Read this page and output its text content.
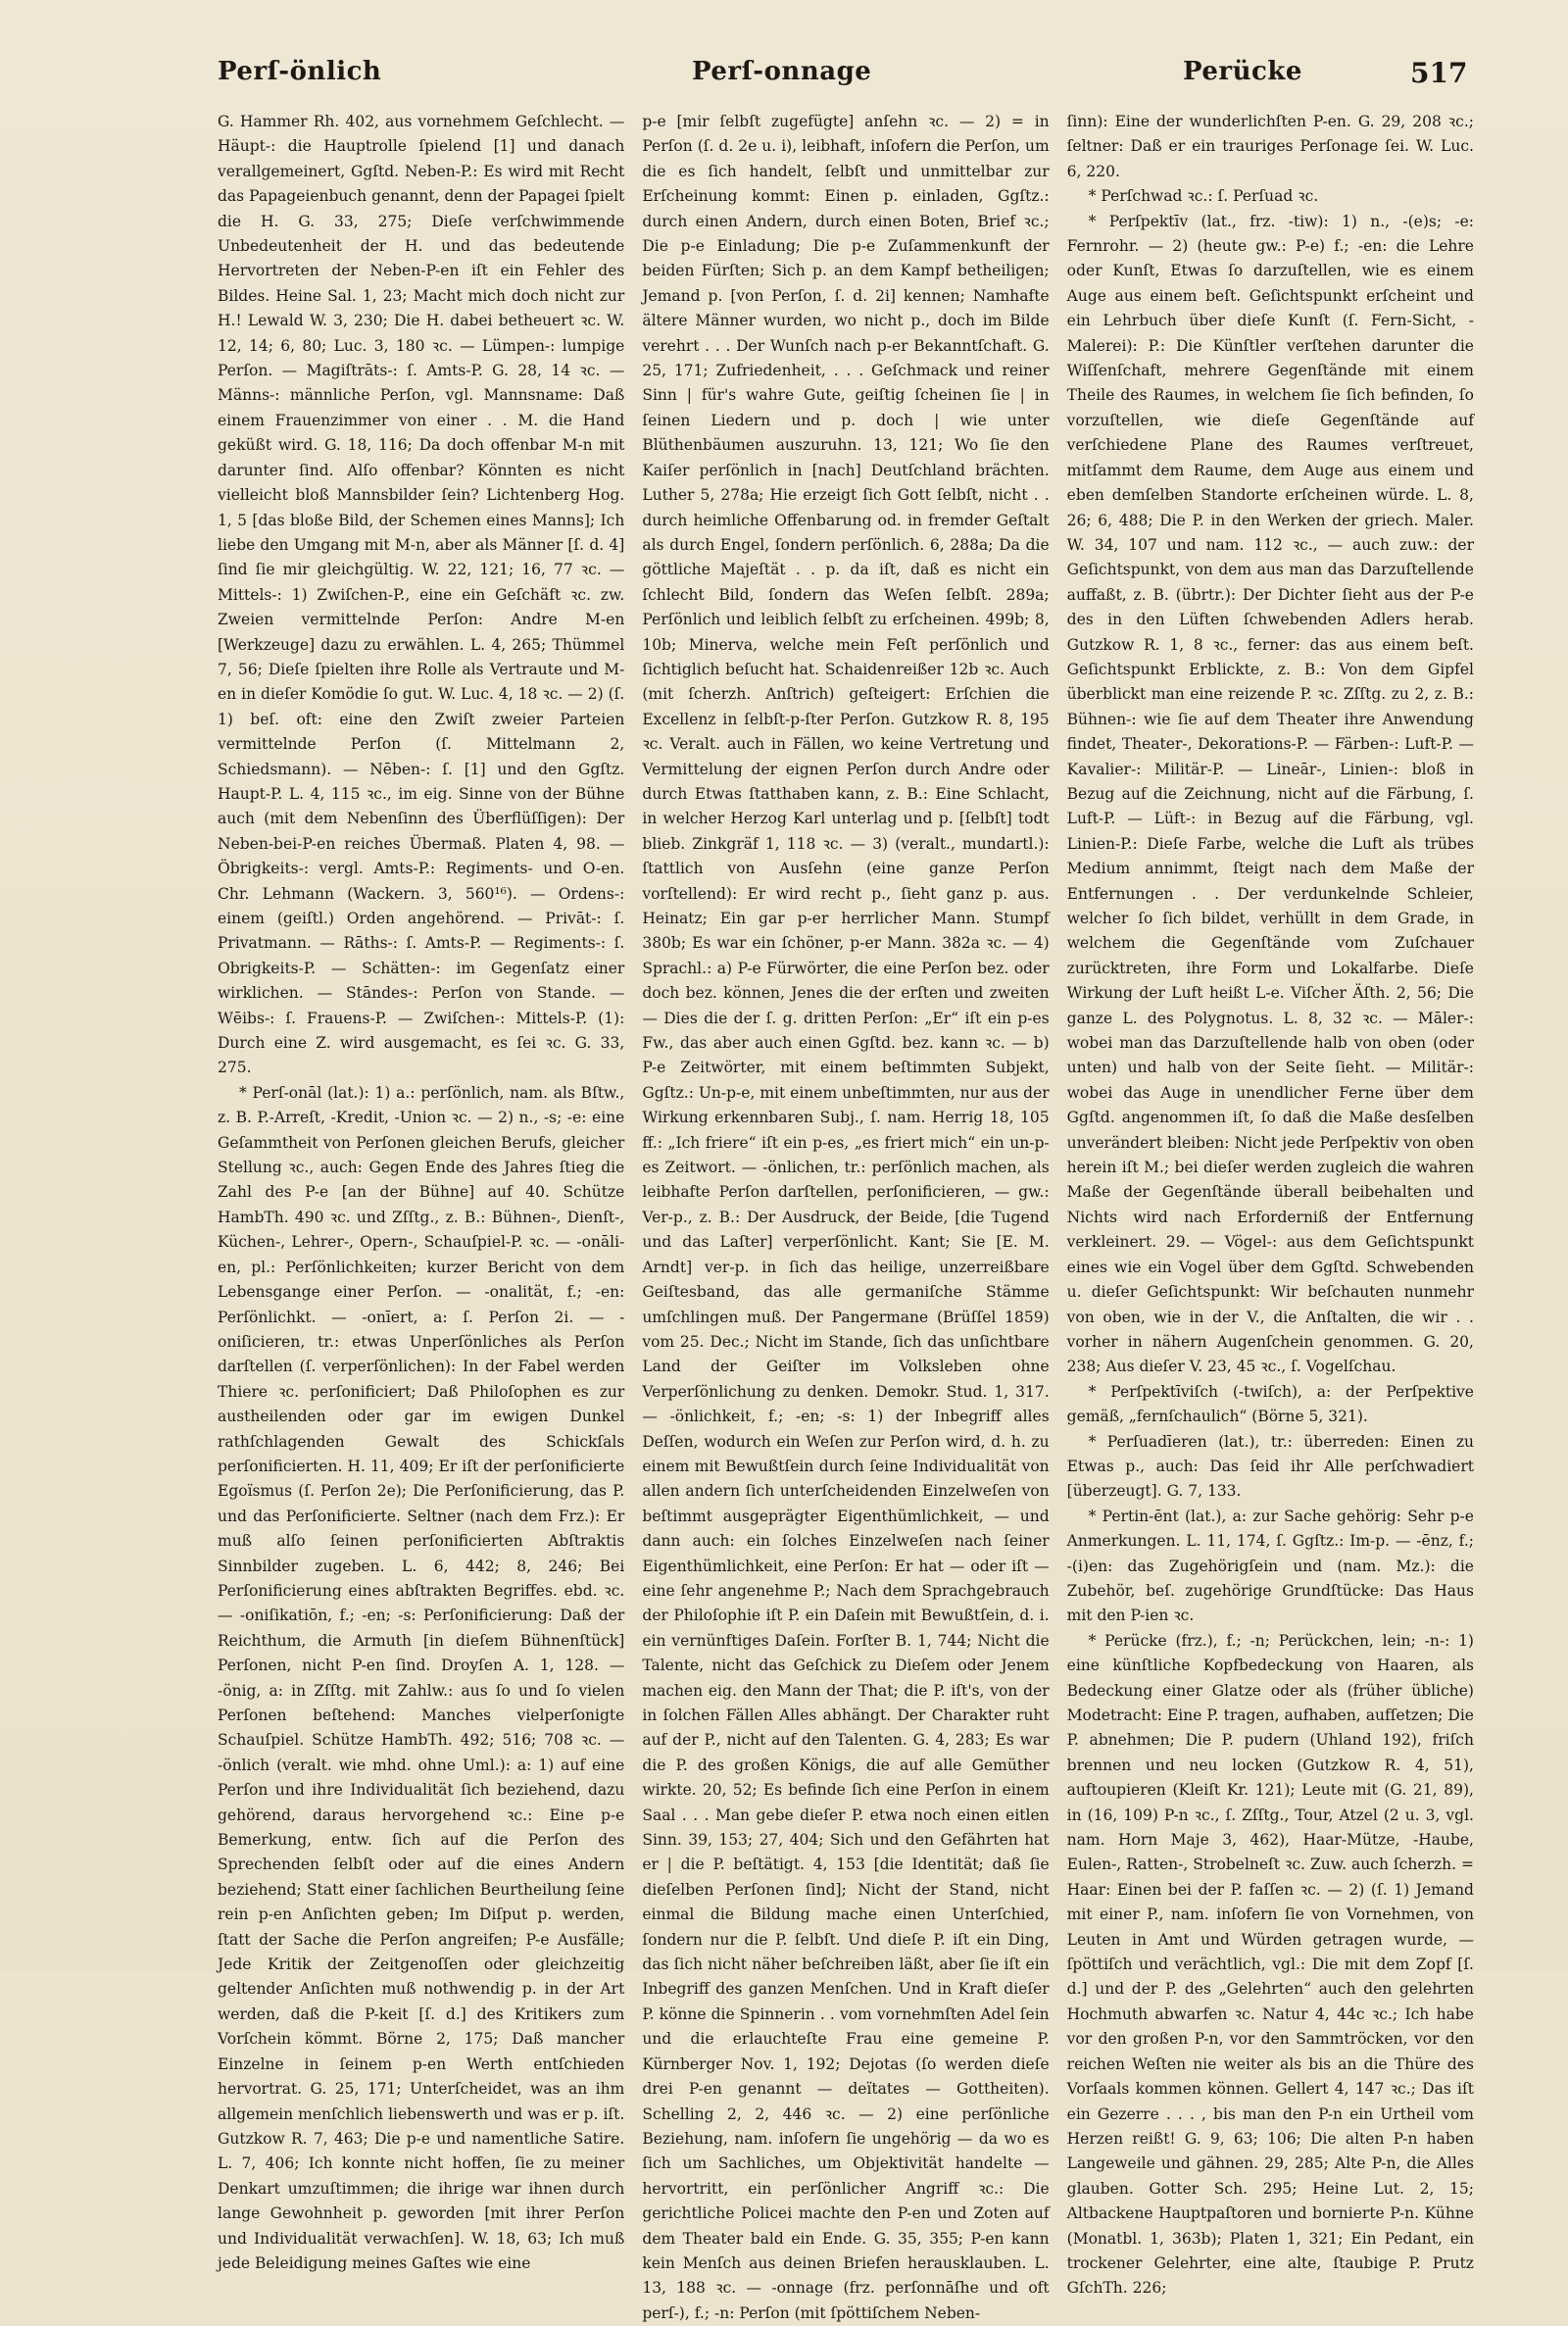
Perſ-önlich	Perſ-onnage	Perücke	517

G. Hammer Rh. 402, aus vornehmem Geſchlecht. — Häupt-: die Hauptrolle ſpielend [1] und danach verallgemeinert, Ggſtd. Neben-P.: Es wird mit Recht das Papageienbuch genannt, denn der Papagei ſpielt die H. G. 33, 275; Dieſe verſchwimmende Unbedeutenheit der H. und das bedeutende Hervortreten der Neben-P-en iſt ein Fehler des Bildes. Heine Sal. 1, 23; Macht mich doch nicht zur H.! Lewald W. 3, 230; Die H. dabei betheuert ꝛc. W. 12, 14; 6, 80; Luc. 3, 180 ꝛc. — Lümpen-: lumpige Perſon. — Magiſtrāts-: ſ. Amts-P. G. 28, 14 ꝛc. — Männs-: männliche Perſon, vgl. Mannsname: Daß einem Frauenzimmer von einer . . M. die Hand geküßt wird. G. 18, 116; Da doch offenbar M-n mit darunter ſind. Alſo offenbar? Könnten es nicht vielleicht bloß Mannsbilder ſein? Lichtenberg Hog. 1, 5 [das bloße Bild, der Schemen eines Manns]; Ich liebe den Umgang mit M-n, aber als Männer [ſ. d. 4] ſind ſie mir gleichgültig. W. 22, 121; 16, 77 ꝛc. — Mittels-: 1) Zwiſchen-P., eine ein Geſchäft ꝛc. zw. Zweien vermittelnde Perſon: Andre M-en [Werkzeuge] dazu zu erwählen. L. 4, 265; Thümmel 7, 56; Dieſe ſpielten ihre Rolle als Vertraute und M-en in dieſer Komödie ſo gut. W. Luc. 4, 18 ꝛc. — 2) (ſ. 1) beſ. oft: eine den Zwiſt zweier Parteien vermittelnde Perſon (ſ. Mittelmann 2, Schiedsmann). — Nēben-: ſ. [1] und den Ggſtz. Haupt-P. L. 4, 115 ꝛc., im eig. Sinne von der Bühne auch (mit dem Nebenſinn des Überflüſſigen): Der Neben-bei-P-en reiches Übermaß. Platen 4, 98. — Öbrigkeits-: vergl. Amts-P.: Regiments- und O-en. Chr. Lehmann (Wackern. 3, 560¹⁶). — Ordens-: einem (geiſtl.) Orden angehörend. — Privāt-: ſ. Privatmann. — Rāths-: ſ. Amts-P. — Regiments-: ſ. Obrigkeits-P. — Schätten-: im Gegenſatz einer wirklichen. — Stāndes-: Perſon von Stande. — Wēibs-: ſ. Frauens-P. — Zwiſchen-: Mittels-P. (1): Durch eine Z. wird ausgemacht, es ſei ꝛc. G. 33, 275.

* Perſ-onāl (lat.): 1) a.: perſönlich, nam. als Bſtw., z. B. P.-Arreſt, -Kredit, -Union ꝛc. — 2) n., -s; -e: eine Geſammtheit von Perſonen gleichen Berufs, gleicher Stellung ꝛc., auch: Gegen Ende des Jahres ſtieg die Zahl des P-e [an der Bühne] auf 40. Schütze HambTh. 490 ꝛc. und Zſſtg., z. B.: Bühnen-, Dienſt-, Küchen-, Lehrer-, Opern-, Schauſpiel-P. ꝛc. — -onāli-en, pl.: Perſönlichkeiten; kurzer Bericht von dem Lebensgange einer Perſon. — -onalität, f.; -en: Perſönlichkt. — -onīert, a: ſ. Perſon 2i. — -oniſicieren, tr.: etwas Unperſönliches als Perſon darſtellen (ſ. verperſönlichen): In der Fabel werden Thiere ꝛc. perſonificiert; Daß Philoſophen es zur austheilenden oder gar im ewigen Dunkel rathſchlagenden Gewalt des Schickſals perſonificierten. H. 11, 409; Er iſt der perſonificierte Egoïsmus (ſ. Perſon 2e); Die Perſonificierung, das P. und das Perſonificierte. Seltner (nach dem Frz.): Er muß alſo ſeinen perſonificierten Abſtraktis Sinnbilder zugeben. L. 6, 442; 8, 246; Bei Perſonificierung eines abſtrakten Begriffes. ebd. ꝛc. — -oniſikatiōn, f.; -en; -s: Perſonificierung: Daß der Reichthum, die Armuth [in dieſem Bühnenſtück] Perſonen, nicht P-en ſind. Droyſen A. 1, 128. — -önig, a: in Zſſtg. mit Zahlw.: aus ſo und ſo vielen Perſonen beſtehend: Manches vielperſonigte Schauſpiel. Schütze HambTh. 492; 516; 708 ꝛc. — -önlich (veralt. wie mhd. ohne Uml.): a: 1) auf eine Perſon und ihre Individualität ſich beziehend, dazu gehörend, daraus hervorgehend ꝛc.: Eine p-e Bemerkung, entw. ſich auf die Perſon des Sprechenden ſelbſt oder auf die eines Andern beziehend; Statt einer ſachlichen Beurtheilung ſeine rein p-en Anſichten geben; Im Diſput p. werden, ſtatt der Sache die Perſon angreifen; P-e Ausfälle; Jede Kritik der Zeitgenoſſen oder gleichzeitig geltender Anſichten muß nothwendig p. in der Art werden, daß die P-keit [ſ. d.] des Kritikers zum Vorſchein kömmt. Börne 2, 175; Daß mancher Einzelne in ſeinem p-en Werth entſchieden hervortrat. G. 25, 171; Unterſcheidet, was an ihm allgemein menſchlich liebenswerth und was er p. iſt. Gutzkow R. 7, 463; Die p-e und namentliche Satire. L. 7, 406; Ich konnte nicht hoffen, ſie zu meiner Denkart umzuſtimmen; die ihrige war ihnen durch lange Gewohnheit p. geworden [mit ihrer Perſon und Individualität verwachſen]. W. 18, 63; Ich muß jede Beleidigung meines Gaſtes wie eine

p-e [mir ſelbſt zugefügte] anſehn ꝛc. — 2) = in Perſon (ſ. d. 2e u. i), leibhaft, inſofern die Perſon, um die es ſich handelt, ſelbſt und unmittelbar zur Erſcheinung kommt: Einen p. einladen, Ggſtz.: durch einen Andern, durch einen Boten, Brief ꝛc.; Die p-e Einladung; Die p-e Zuſammenkunft der beiden Fürſten; Sich p. an dem Kampf betheiligen; Jemand p. [von Perſon, ſ. d. 2i] kennen; Namhafte ältere Männer wurden, wo nicht p., doch im Bilde verehrt . . . Der Wunſch nach p-er Bekanntſchaft. G. 25, 171; Zufriedenheit, . . . Geſchmack und reiner Sinn | für's wahre Gute, geiſtig ſcheinen ſie | in ſeinen Liedern und p. doch | wie unter Blüthenbäumen auszuruhn. 13, 121; Wo ſie den Kaiſer perſönlich in [nach] Deutſchland brächten. Luther 5, 278a; Hie erzeigt ſich Gott ſelbſt, nicht . . durch heimliche Offenbarung od. in fremder Geſtalt als durch Engel, ſondern perſönlich. 6, 288a; Da die göttliche Majeſtät . . p. da iſt, daß es nicht ein ſchlecht Bild, ſondern das Weſen ſelbſt. 289a; Perſönlich und leiblich ſelbſt zu erſcheinen. 499b; 8, 10b; Minerva, welche mein Feſt perſönlich und ſichtiglich beſucht hat. Schaidenreißer 12b ꝛc. Auch (mit ſcherzh. Anſtrich) geſteigert: Erſchien die Excellenz in ſelbſt-p-ſter Perſon. Gutzkow R. 8, 195 ꝛc. Veralt. auch in Fällen, wo keine Vertretung und Vermittelung der eignen Perſon durch Andre oder durch Etwas ſtatthaben kann, z. B.: Eine Schlacht, in welcher Herzog Karl unterlag und p. [ſelbſt] todt blieb. Zinkgräf 1, 118 ꝛc. — 3) (veralt., mundartl.): ſtattlich von Ausſehn (eine ganze Perſon vorſtellend): Er wird recht p., ſieht ganz p. aus. Heinatz; Ein gar p-er herrlicher Mann. Stumpf 380b; Es war ein ſchöner, p-er Mann. 382a ꝛc. — 4) Sprachl.: a) P-e Fürwörter, die eine Perſon bez. oder doch bez. können, Jenes die der erſten und zweiten — Dies die der ſ. g. dritten Perſon: „Er“ iſt ein p-es Fw., das aber auch einen Ggſtd. bez. kann ꝛc. — b) P-e Zeitwörter, mit einem beſtimmten Subjekt, Ggſtz.: Un-p-e, mit einem unbeſtimmten, nur aus der Wirkung erkennbaren Subj., ſ. nam. Herrig 18, 105 ff.: „Ich friere“ iſt ein p-es, „es friert mich“ ein un-p-es Zeitwort. — -önlichen, tr.: perſönlich machen, als leibhafte Perſon darſtellen, perſonificieren, — gw.: Ver-p., z. B.: Der Ausdruck, der Beide, [die Tugend und das Laſter] verperſönlicht. Kant; Sie [E. M. Arndt] ver-p. in ſich das heilige, unzerreißbare Geiſtesband, das alle germaniſche Stämme umſchlingen muß. Der Pangermane (Brüſſel 1859) vom 25. Dec.; Nicht im Stande, ſich das unſichtbare Land der Geiſter im Volksleben ohne Verperſönlichung zu denken. Demokr. Stud. 1, 317. — -önlichkeit, f.; -en; -s: 1) der Inbegriff alles Deſſen, wodurch ein Weſen zur Perſon wird, d. h. zu einem mit Bewußtſein durch ſeine Individualität von allen andern ſich unterſcheidenden Einzelweſen von beſtimmt ausgeprägter Eigenthümlichkeit, — und dann auch: ein ſolches Einzelweſen nach ſeiner Eigenthümlichkeit, eine Perſon: Er hat — oder iſt — eine ſehr angenehme P.; Nach dem Sprachgebrauch der Philoſophie iſt P. ein Daſein mit Bewußtſein, d. i. ein vernünftiges Daſein. Forſter B. 1, 744; Nicht die Talente, nicht das Geſchick zu Dieſem oder Jenem machen eig. den Mann der That; die P. iſt's, von der in ſolchen Fällen Alles abhängt. Der Charakter ruht auf der P., nicht auf den Talenten. G. 4, 283; Es war die P. des großen Königs, die auf alle Gemüther wirkte. 20, 52; Es befinde ſich eine Perſon in einem Saal . . . Man gebe dieſer P. etwa noch einen eitlen Sinn. 39, 153; 27, 404; Sich und den Gefährten hat er | die P. beſtätigt. 4, 153 [die Identität; daß ſie dieſelben Perſonen ſind]; Nicht der Stand, nicht einmal die Bildung mache einen Unterſchied, ſondern nur die P. ſelbſt. Und dieſe P. iſt ein Ding, das ſich nicht näher beſchreiben läßt, aber ſie iſt ein Inbegriff des ganzen Menſchen. Und in Kraft dieſer P. könne die Spinnerin . . vom vornehmſten Adel ſein und die erlauchteſte Frau eine gemeine P. Kürnberger Nov. 1, 192; Dejotas (ſo werden dieſe drei P-en genannt — deïtates — Gottheiten). Schelling 2, 2, 446 ꝛc. — 2) eine perſönliche Beziehung, nam. inſofern ſie ungehörig — da wo es ſich um Sachliches, um Objektivität handelte — hervortritt, ein perſönlicher Angriff ꝛc.: Die gerichtliche Policei machte den P-en und Zoten auf dem Theater bald ein Ende. G. 35, 355; P-en kann kein Menſch aus deinen Briefen herausklauben. L. 13, 188 ꝛc. — -onnage (frz. perſonnāſhe und oft perſ-), f.; -n: Perſon (mit ſpöttiſchem Neben-

ſinn): Eine der wunderlichſten P-en. G. 29, 208 ꝛc.; ſeltner: Daß er ein trauriges Perſonage ſei. W. Luc. 6, 220.

* Perſchwad ꝛc.: ſ. Perſuad ꝛc.

* Perſpektīv (lat., frz. -tiw): 1) n., -(e)s; -e: Fernrohr. — 2) (heute gw.: P-e) f.; -en: die Lehre oder Kunſt, Etwas ſo darzuſtellen, wie es einem Auge aus einem beſt. Geſichtspunkt erſcheint und ein Lehrbuch über dieſe Kunſt (ſ. Fern-Sicht, -Malerei): P.: Die Künſtler verſtehen darunter die Wiſſenſchaft, mehrere Gegenſtände mit einem Theile des Raumes, in welchem ſie ſich befinden, ſo vorzuſtellen, wie dieſe Gegenſtände auf verſchiedene Plane des Raumes verſtreuet, mitſammt dem Raume, dem Auge aus einem und eben demſelben Standorte erſcheinen würde. L. 8, 26; 6, 488; Die P. in den Werken der griech. Maler. W. 34, 107 und nam. 112 ꝛc., — auch zuw.: der Geſichtspunkt, von dem aus man das Darzuſtellende auffaßt, z. B. (übrtr.): Der Dichter ſieht aus der P-e des in den Lüften ſchwebenden Adlers herab. Gutzkow R. 1, 8 ꝛc., ferner: das aus einem beſt. Geſichtspunkt Erblickte, z. B.: Von dem Gipfel überblickt man eine reizende P. ꝛc. Zſſtg. zu 2, z. B.: Bühnen-: wie ſie auf dem Theater ihre Anwendung findet, Theater-, Dekorations-P. — Färben-: Luft-P. — Kavalier-: Militär-P. — Lineār-, Linien-: bloß in Bezug auf die Zeichnung, nicht auf die Färbung, ſ. Luft-P. — Lüft-: in Bezug auf die Färbung, vgl. Linien-P.: Dieſe Farbe, welche die Luft als trübes Medium annimmt, ſteigt nach dem Maße der Entfernungen . . Der verdunkelnde Schleier, welcher ſo ſich bildet, verhüllt in dem Grade, in welchem die Gegenſtände vom Zuſchauer zurücktreten, ihre Form und Lokalfarbe. Dieſe Wirkung der Luft heißt L-e. Viſcher Äſth. 2, 56; Die ganze L. des Polygnotus. L. 8, 32 ꝛc. — Māler-: wobei man das Darzuſtellende halb von oben (oder unten) und halb von der Seite ſieht. — Militär-: wobei das Auge in unendlicher Ferne über dem Ggſtd. angenommen iſt, ſo daß die Maße desſelben unverändert bleiben: Nicht jede Perſpektiv von oben herein iſt M.; bei dieſer werden zugleich die wahren Maße der Gegenſtände überall beibehalten und Nichts wird nach Erforderniß der Entfernung verkleinert. 29. — Vögel-: aus dem Geſichtspunkt eines wie ein Vogel über dem Ggſtd. Schwebenden u. dieſer Geſichtspunkt: Wir beſchauten nunmehr von oben, wie in der V., die Anſtalten, die wir . . vorher in nähern Augenſchein genommen. G. 20, 238; Aus dieſer V. 23, 45 ꝛc., ſ. Vogelſchau.

* Perſpektīviſch (-twiſch), a: der Perſpektive gemäß, „fernſchaulich“ (Börne 5, 321).

* Perſuadīeren (lat.), tr.: überreden: Einen zu Etwas p., auch: Das ſeid ihr Alle perſchwadiert [überzeugt]. G. 7, 133.

* Pertin-ēnt (lat.), a: zur Sache gehörig: Sehr p-e Anmerkungen. L. 11, 174, ſ. Ggſtz.: Im-p. — -ēnz, f.; -(i)en: das Zugehörigſein und (nam. Mz.): die Zubehör, beſ. zugehörige Grundſtücke: Das Haus mit den P-ien ꝛc.

* Perücke (frz.), f.; -n; Perückchen, lein; -n-: 1) eine künſtliche Kopfbedeckung von Haaren, als Bedeckung einer Glatze oder als (früher übliche) Modetracht: Eine P. tragen, aufhaben, aufſetzen; Die P. abnehmen; Die P. pudern (Uhland 192), friſch brennen und neu locken (Gutzkow R. 4, 51), auftoupieren (Kleiſt Kr. 121); Leute mit (G. 21, 89), in (16, 109) P-n ꝛc., ſ. Zſſtg., Tour, Atzel (2 u. 3, vgl. nam. Horn Maje 3, 462), Haar-Mütze, -Haube, Eulen-, Ratten-, Strobelneſt ꝛc. Zuw. auch ſcherzh. = Haar: Einen bei der P. faſſen ꝛc. — 2) (ſ. 1) Jemand mit einer P., nam. inſofern ſie von Vornehmen, von Leuten in Amt und Würden getragen wurde, — ſpöttiſch und verächtlich, vgl.: Die mit dem Zopf [ſ. d.] und der P. des „Gelehrten“ auch den gelehrten Hochmuth abwarfen ꝛc. Natur 4, 44c ꝛc.; Ich habe vor den großen P-n, vor den Sammtröcken, vor den reichen Weſten nie weiter als bis an die Thüre des Vorſaals kommen können. Gellert 4, 147 ꝛc.; Das iſt ein Gezerre . . . , bis man den P-n ein Urtheil vom Herzen reißt! G. 9, 63; 106; Die alten P-n haben Langeweile und gähnen. 29, 285; Alte P-n, die Alles glauben. Gotter Sch. 295; Heine Lut. 2, 15; Altbackene Hauptpaſtoren und bornierte P-n. Kühne (Monatbl. 1, 363b); Platen 1, 321; Ein Pedant, ein trockener Gelehrter, eine alte, ſtaubige P. Prutz GſchTh. 226;
